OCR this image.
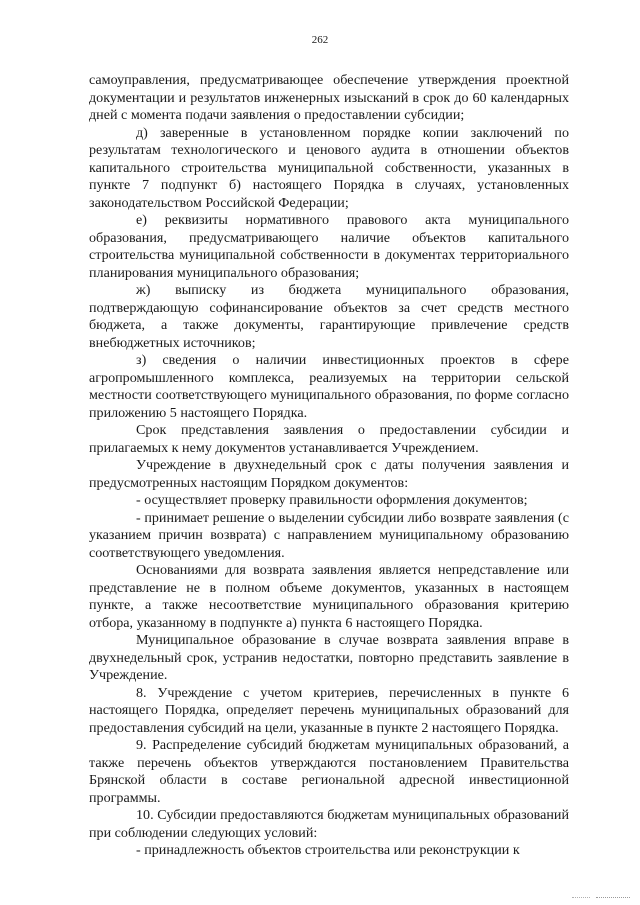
262

самоуправления, предусматривающее обеспечение утверждения проектной документации и результатов инженерных изысканий в срок до 60 календарных дней с момента подачи заявления о предоставлении субсидии;

д) заверенные в установленном порядке копии заключений по результатам технологического и ценового аудита в отношении объектов капитального строительства муниципальной собственности, указанных в пункте 7 подпункт б) настоящего Порядка в случаях, установленных законодательством Российской Федерации;

е) реквизиты нормативного правового акта муниципального образования, предусматривающего наличие объектов капитального строительства муниципальной собственности в документах территориального планирования муниципального образования;

ж) выписку из бюджета муниципального образования, подтверждающую софинансирование объектов за счет средств местного бюджета, а также документы, гарантирующие привлечение средств внебюджетных источников;

з) сведения о наличии инвестиционных проектов в сфере агропромышленного комплекса, реализуемых на территории сельской местности соответствующего муниципального образования, по форме согласно приложению 5 настоящего Порядка.

Срок представления заявления о предоставлении субсидии и прилагаемых к нему документов устанавливается Учреждением.

Учреждение в двухнедельный срок с даты получения заявления и предусмотренных настоящим Порядком документов:

- осуществляет проверку правильности оформления документов;

- принимает решение о выделении субсидии либо возврате заявления (с указанием причин возврата) с направлением муниципальному образованию соответствующего уведомления.

Основаниями для возврата заявления является непредставление или представление не в полном объеме документов, указанных в настоящем пункте, а также несоответствие муниципального образования критерию отбора, указанному в подпункте а) пункта 6 настоящего Порядка.

Муниципальное образование в случае возврата заявления вправе в двухнедельный срок, устранив недостатки, повторно представить заявление в Учреждение.

8. Учреждение с учетом критериев, перечисленных в пункте 6 настоящего Порядка, определяет перечень муниципальных образований для предоставления субсидий на цели, указанные в пункте 2 настоящего Порядка.

9. Распределение субсидий бюджетам муниципальных образований, а также перечень объектов утверждаются постановлением Правительства Брянской области в составе региональной адресной инвестиционной программы.

10. Субсидии предоставляются бюджетам муниципальных образований при соблюдении следующих условий:

- принадлежность объектов строительства или реконструкции к
